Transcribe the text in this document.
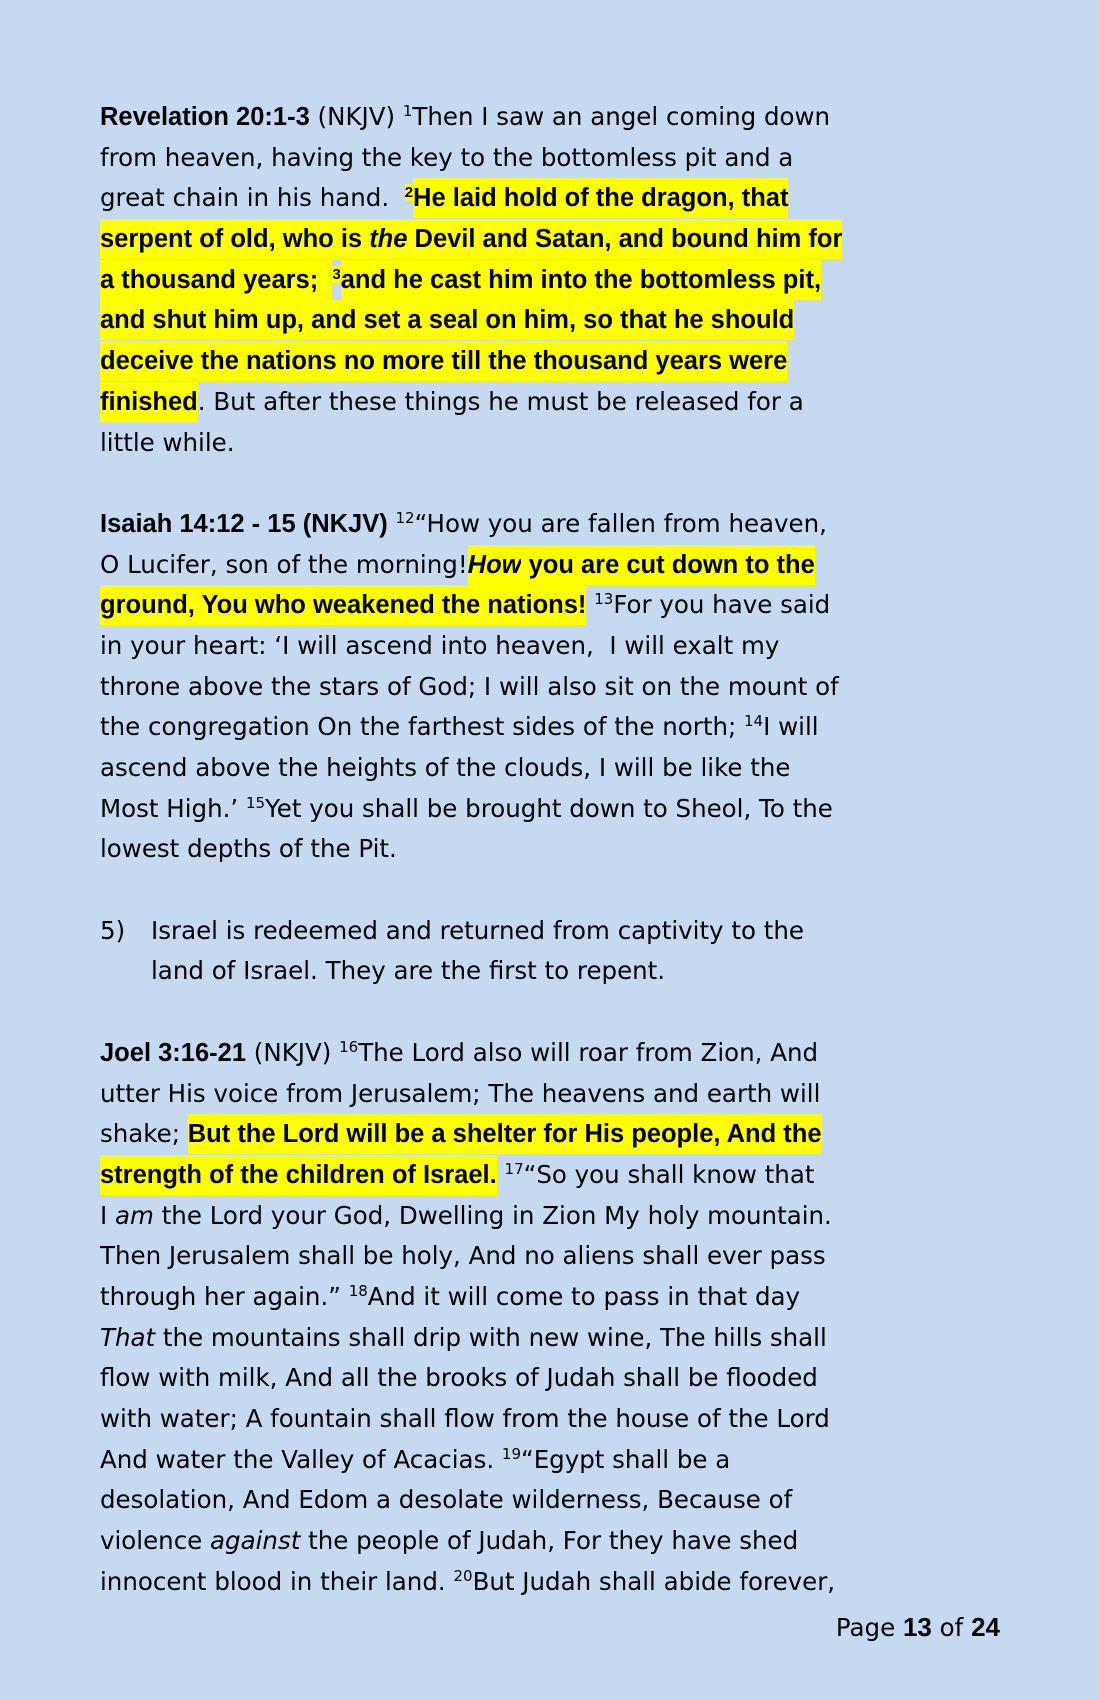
Revelation 20:1-3 (NKJV) $^1$Then I saw an angel coming down
from heaven, having the key to the bottomless pit and a
great chain in his hand.  $^2$He laid hold of the dragon, that
serpent of old, who is the Devil and Satan, and bound him for
a thousand years;  $^3$and he cast him into the bottomless pit,
and shut him up, and set a seal on him, so that he should
deceive the nations no more till the thousand years were
finished. But after these things he must be released for a
little while.
Isaiah 14:12 - 15 (NKJV) $^{12}$“How you are fallen from heaven,
O Lucifer, son of the morning!How you are cut down to the
ground, You who weakened the nations! $^{13}$For you have said
in your heart: ‘I will ascend into heaven,  I will exalt my
throne above the stars of God; I will also sit on the mount of
the congregation On the farthest sides of the north; $^{14}$I will
ascend above the heights of the clouds, I will be like the
Most High.’ $^{15}$Yet you shall be brought down to Sheol, To the
lowest depths of the Pit.
5) Israel is redeemed and returned from captivity to the
land of Israel. They are the first to repent.
Joel 3:16-21 (NKJV) $^{16}$The Lord also will roar from Zion, And
utter His voice from Jerusalem; The heavens and earth will
shake; But the Lord will be a shelter for His people, And the
strength of the children of Israel. $^{17}$“So you shall know that
I am the Lord your God, Dwelling in Zion My holy mountain.
Then Jerusalem shall be holy, And no aliens shall ever pass
through her again.” $^{18}$And it will come to pass in that day
That the mountains shall drip with new wine, The hills shall
flow with milk, And all the brooks of Judah shall be flooded
with water; A fountain shall flow from the house of the Lord
And water the Valley of Acacias. $^{19}$“Egypt shall be a
desolation, And Edom a desolate wilderness, Because of
violence against the people of Judah, For they have shed
innocent blood in their land. $^{20}$But Judah shall abide forever,
Page 13 of 24
